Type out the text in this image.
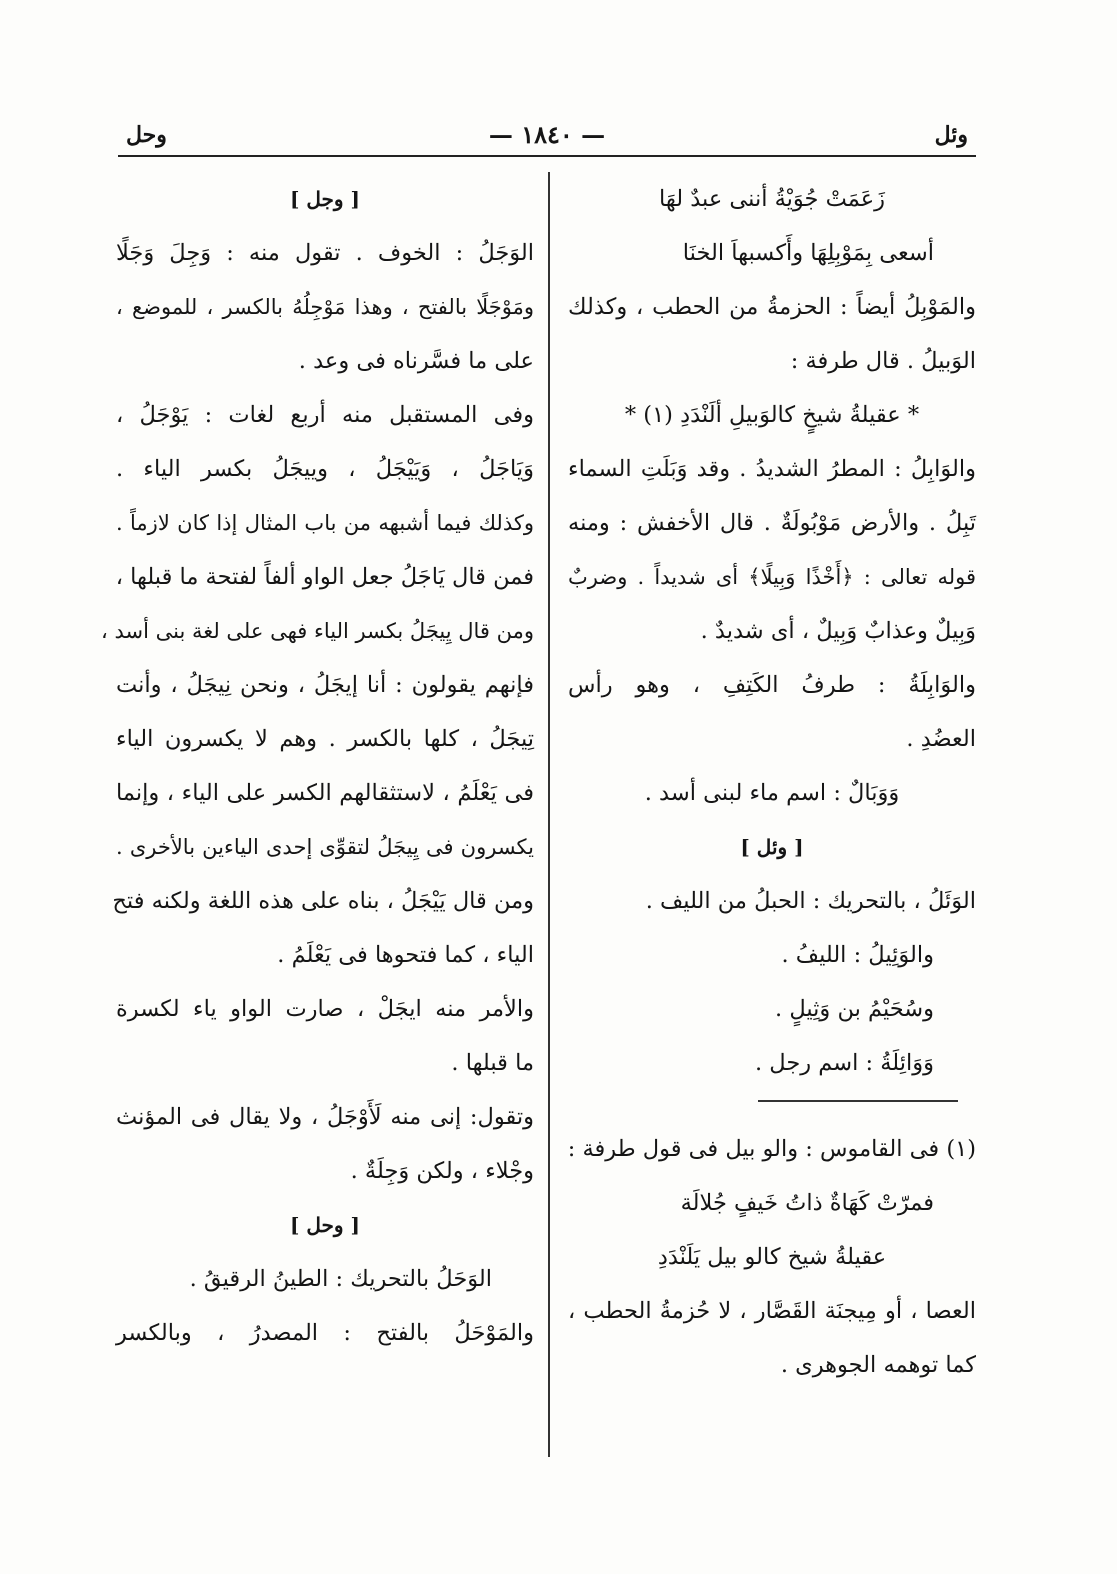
وئل
— ١٨٤٠ —
وحل
زَعَمَتْ جُوَيْةُ أننى عبدٌ لهَا
أسعى بِمَوْبِلِهَا وأَكسبهاَ الخنَا
والمَوْبِلُ أيضاً : الحزمةُ من الحطب ، وكذلك
الوَبيلُ . قال طرفة :
* عقيلةُ شيخٍ كالوَبيلِ ألَنْدَدِ (١) *
والوَابِلُ : المطرُ الشديدُ . وقد وَبَلَتِ السماء
تَبِلُ . والأرض مَوْبُولَةٌ . قال الأخفش : ومنه
قوله تعالى : ﴿أَخْذًا وَبِيلًا﴾ أى شديداً . وضربٌ
وَبِيلٌ وعذابٌ وَبِيلٌ ، أى شديدٌ .
والوَابِلَةُ : طرفُ الكَتِفِ ، وهو رأس
العضُدِ .
وَوَبَالٌ : اسم ماء لبنى أسد .
[ وئل ]
الوَئَلُ ، بالتحريك : الحبلُ من الليف .
والوَئِيلُ : الليفُ .
وسُحَيْمُ بن وَثِيلٍ .
وَوَائِلَةُ : اسم رجل .
(١) فى القاموس : والو بيل فى قول طرفة :
فمرّتْ كَهَاةٌ ذاتُ خَيفٍ جُلالَة
عقيلةُ شيخ كالو بيل يَلَنْدَدِ
العصا ، أو مِيجنَة القَصَّار ، لا حُزمةُ الحطب ،
كما توهمه الجوهرى .
[ وجل ]
الوَجَلُ : الخوف . تقول منه : وَجِلَ وَجَلًا
ومَوْجَلًا بالفتح ، وهذا مَوْجِلُهُ بالكسر ، للموضع ،
على ما فسَّرناه فى وعد .
وفى المستقبل منه أربع لغات : يَوْجَلُ ،
وَيَاجَلُ ، وَيَيْجَلُ ، وييجَلُ بكسر الياء .
وكذلك فيما أشبهه من باب المثال إذا كان لازماً .
فمن قال يَاجَلُ جعل الواو ألفاً لفتحة ما قبلها ،
ومن قال يِيجَلُ بكسر الياء فهى على لغة بنى أسد ،
فإنهم يقولون : أنا إيجَلُ ، ونحن نِيجَلُ ، وأنت
تِيجَلُ ، كلها بالكسر . وهم لا يكسرون الياء
فى يَعْلَمُ ، لاستثقالهم الكسر على الياء ، وإنما
يكسرون فى يِيجَلُ لتقوِّى إحدى الياءين بالأخرى .
ومن قال يَيْجَلُ ، بناه على هذه اللغة ولكنه فتح
الياء ، كما فتحوها فى يَعْلَمُ .
والأمر منه ايجَلْ ، صارت الواو ياء لكسرة
ما قبلها .
وتقول: إنى منه لَأَوْجَلُ ، ولا يقال فى المؤنث
وجْلاء ، ولكن وَجِلَةٌ .
[ وحل ]
الوَحَلُ بالتحريك : الطينُ الرقيقُ .
والمَوْحَلُ بالفتح : المصدرُ ، وبالكسر
